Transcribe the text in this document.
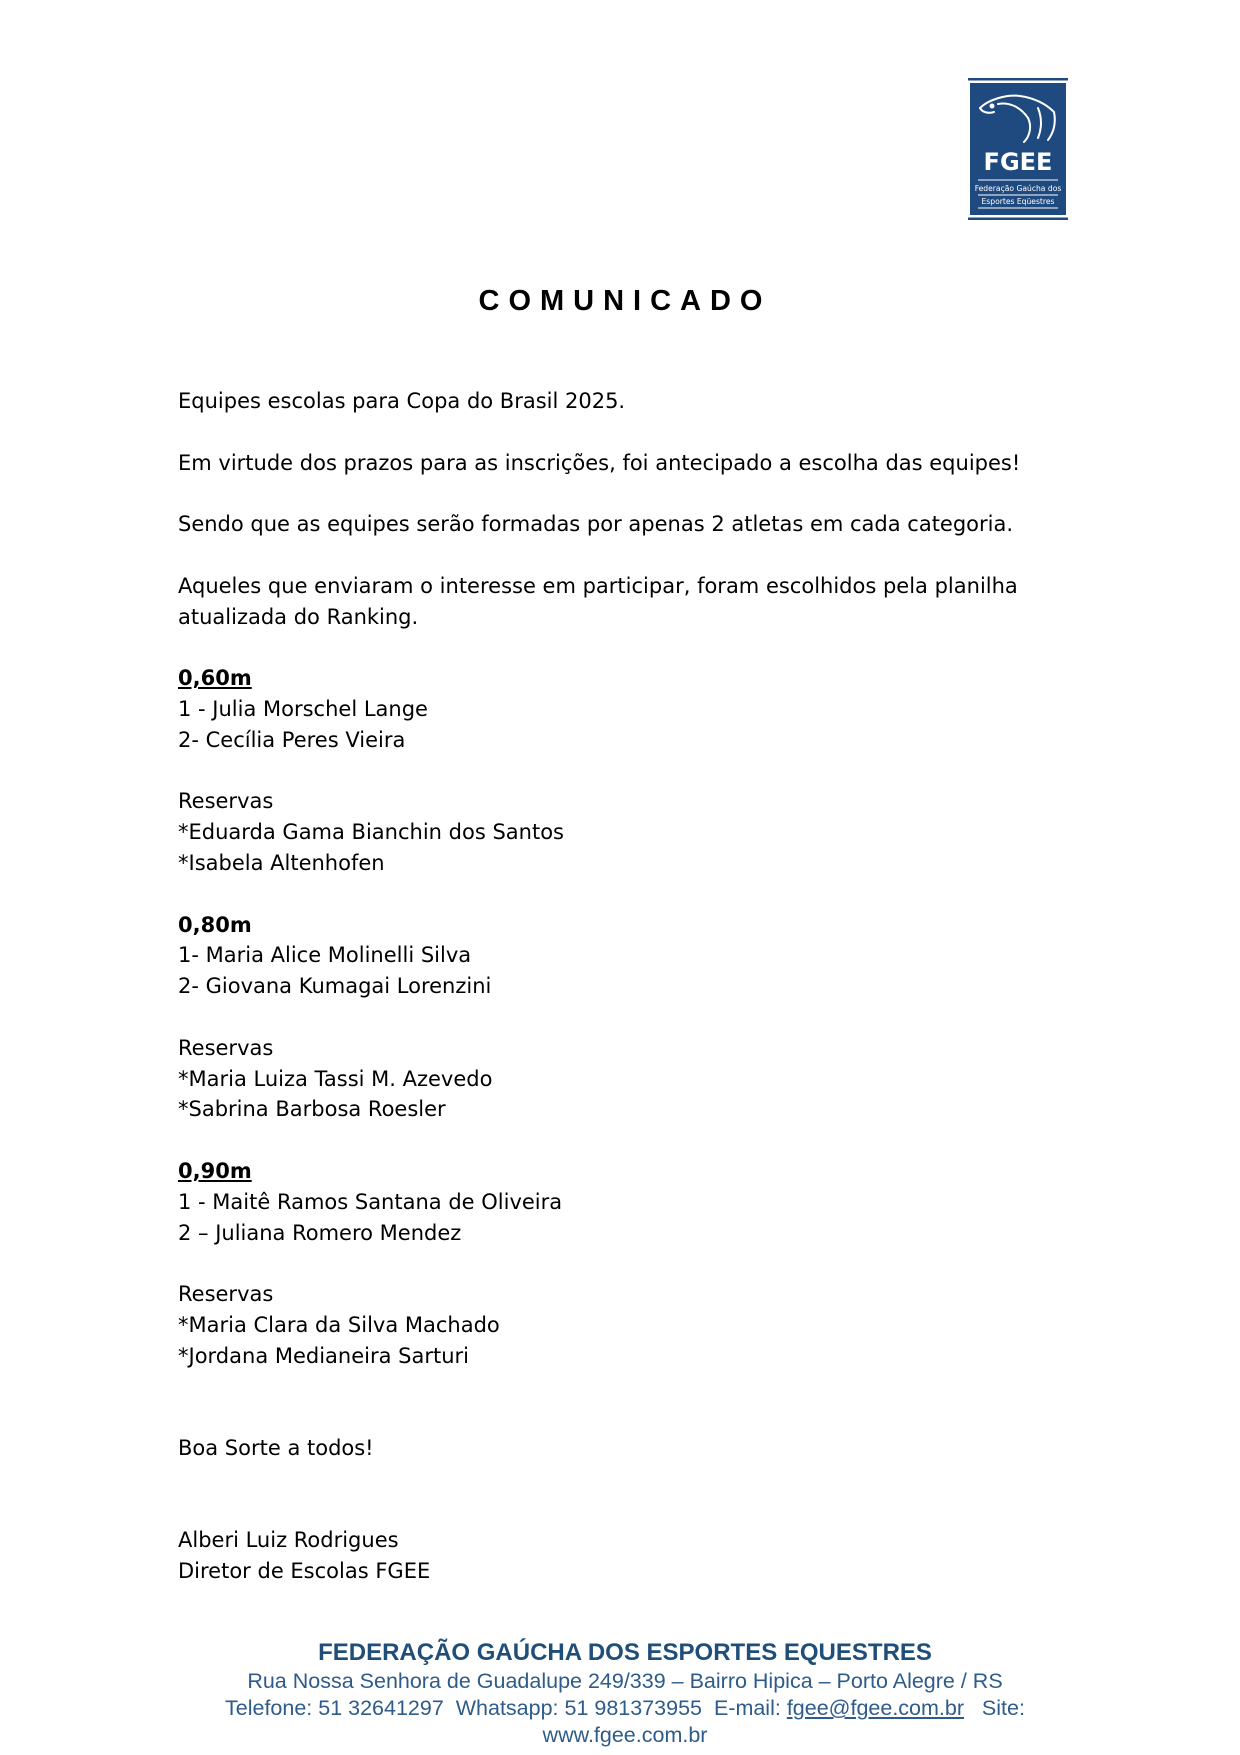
FGEE
Federação Gaúcha dos
Esportes Eqüestres
COMUNICADO

Equipes escolas para Copa do Brasil 2025.

Em virtude dos prazos para as inscrições, foi antecipado a escolha das equipes!

Sendo que as equipes serão formadas por apenas 2 atletas em cada categoria.

Aqueles que enviaram o interesse em participar, foram escolhidos pela planilha

atualizada do Ranking.

0,60m

1 - Julia Morschel Lange

2- Cecília Peres Vieira

Reservas

*Eduarda Gama Bianchin dos Santos

*Isabela Altenhofen

0,80m

1- Maria Alice Molinelli Silva

2- Giovana Kumagai Lorenzini

Reservas

*Maria Luiza Tassi M. Azevedo

*Sabrina Barbosa Roesler

0,90m

1 - Maitê Ramos Santana de Oliveira

2 – Juliana Romero Mendez

Reservas

*Maria Clara da Silva Machado

*Jordana Medianeira Sarturi

Boa Sorte a todos!

Alberi Luiz Rodrigues

Diretor de Escolas FGEE

FEDERAÇÃO GAÚCHA DOS ESPORTES EQUESTRES
Rua Nossa Senhora de Guadalupe 249/339 – Bairro Hipica – Porto Alegre / RS
Telefone: 51 32641297  Whatsapp: 51 981373955  E-mail: fgee@fgee.com.br   Site:
www.fgee.com.br
